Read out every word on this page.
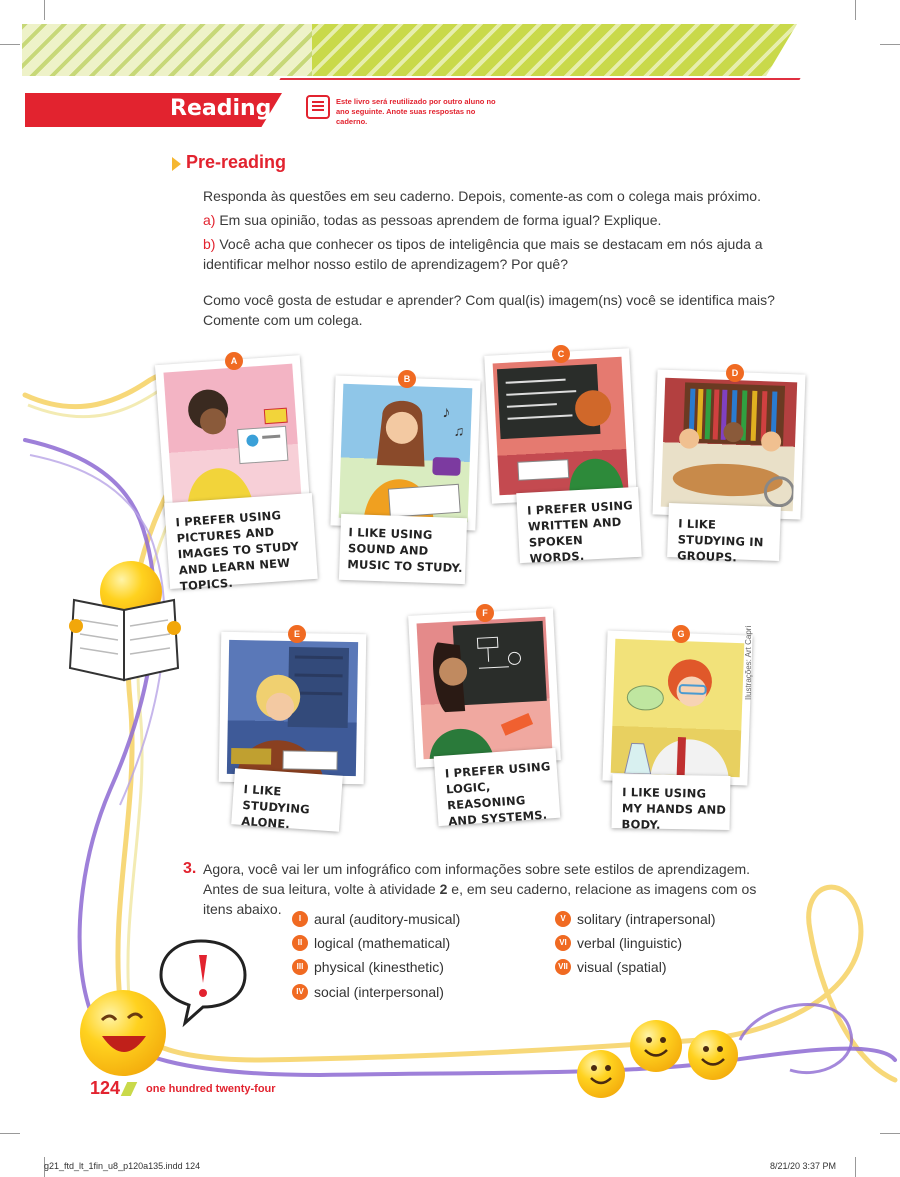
Reading	Este livro será reutilizado por outro aluno no ano seguinte. Anote suas respostas no caderno.
Pre-reading
Responda às questões em seu caderno. Depois, comente-as com o colega mais próximo.
a) Em sua opinião, todas as pessoas aprendem de forma igual? Explique.
b) Você acha que conhecer os tipos de inteligência que mais se destacam em nós ajuda a identificar melhor nosso estilo de aprendizagem? Por quê?
Como você gosta de estudar e aprender? Com qual(is) imagem(ns) você se identifica mais? Comente com um colega.
I PREFER USING PICTURES AND IMAGES TO STUDY AND LEARN NEW TOPICS.
A
♪
♫
I LIKE USING SOUND AND MUSIC TO STUDY.
B
I PREFER USING WRITTEN AND SPOKEN WORDS.
C
I LIKE STUDYING IN GROUPS.
D
I LIKE STUDYING ALONE.
E
I PREFER USING LOGIC, REASONING AND SYSTEMS.
F
I LIKE USING MY HANDS AND BODY.
G	Ilustrações: Art Capri
3. Agora, você vai ler um infográfico com informações sobre sete estilos de aprendizagem. Antes de sua leitura, volte à atividade 2 e, em seu caderno, relacione as imagens com os itens abaixo.
I aural (auditory-musical)
II logical (mathematical)
III physical (kinesthetic)
IV social (interpersonal)
V solitary (intrapersonal)
VI verbal (linguistic)
VII visual (spatial)
124 one hundred twenty-four
g21_ftd_lt_1fin_u8_p120a135.indd 124	8/21/20 3:37 PM
